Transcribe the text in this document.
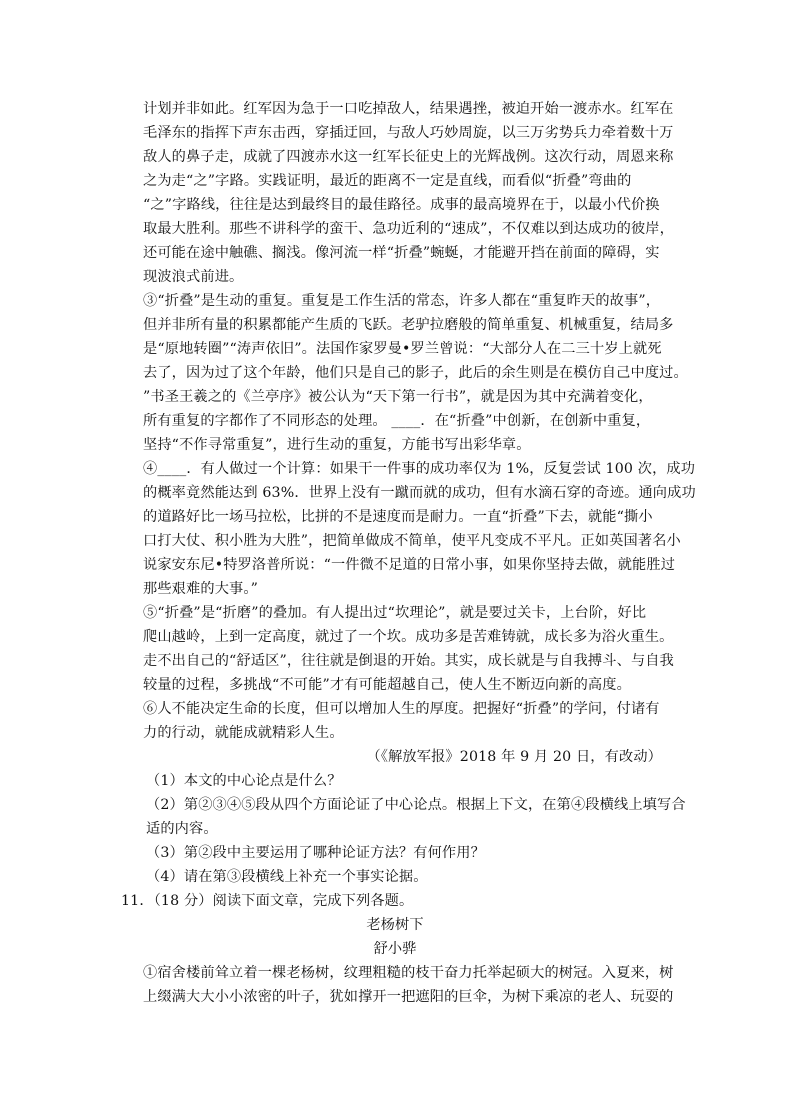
计划并非如此。红军因为急于一口吃掉敌人，结果遇挫，被迫开始一渡赤水。红军在
毛泽东的指挥下声东击西，穿插迂回，与敌人巧妙周旋，以三万劣势兵力牵着数十万
敌人的鼻子走，成就了四渡赤水这一红军长征史上的光辉战例。这次行动，周恩来称
之为走“之”字路。实践证明，最近的距离不一定是直线，而看似“折叠”弯曲的
“之”字路线，往往是达到最终目的最佳路径。成事的最高境界在于，以最小代价换
取最大胜利。那些不讲科学的蛮干、急功近利的“速成”，不仅难以到达成功的彼岸，
还可能在途中触礁、搁浅。像河流一样“折叠”蜿蜒，才能避开挡在前面的障碍，实
现波浪式前进。
③“折叠”是生动的重复。重复是工作生活的常态，许多人都在“重复昨天的故事”，
但并非所有量的积累都能产生质的飞跃。老驴拉磨般的简单重复、机械重复，结局多
是“原地转圈”“涛声依旧”。法国作家罗曼•罗兰曾说：“大部分人在二三十岁上就死
去了，因为过了这个年龄，他们只是自己的影子，此后的余生则是在模仿自己中度过。
”书圣王羲之的《兰亭序》被公认为“天下第一行书”，就是因为其中充满着变化，
所有重复的字都作了不同形态的处理。 ____．在“折叠”中创新，在创新中重复，
坚持“不作寻常重复”，进行生动的重复，方能书写出彩华章。
④____．有人做过一个计算：如果干一件事的成功率仅为 1%，反复尝试 100 次，成功
的概率竟然能达到 63%．世界上没有一蹴而就的成功，但有水滴石穿的奇迹。通向成功
的道路好比一场马拉松，比拼的不是速度而是耐力。一直“折叠”下去，就能“撕小
口打大仗、积小胜为大胜”，把简单做成不简单，使平凡变成不平凡。正如英国著名小
说家安东尼•特罗洛普所说：“一件微不足道的日常小事，如果你坚持去做，就能胜过
那些艰难的大事。”
⑤“折叠”是“折磨”的叠加。有人提出过“坎理论”，就是要过关卡，上台阶，好比
爬山越岭，上到一定高度，就过了一个坎。成功多是苦难铸就，成长多为浴火重生。
走不出自己的“舒适区”，往往就是倒退的开始。其实，成长就是与自我搏斗、与自我
较量的过程，多挑战“不可能”才有可能超越自己，使人生不断迈向新的高度。
⑥人不能决定生命的长度，但可以增加人生的厚度。把握好“折叠”的学问，付诸有
力的行动，就能成就精彩人生。
（《解放军报》2018 年 9 月 20 日，有改动）
（1）本文的中心论点是什么？
（2）第②③④⑤段从四个方面论证了中心论点。根据上下文，在第④段横线上填写合
适的内容。
（3）第②段中主要运用了哪种论证方法？有何作用？
（4）请在第③段横线上补充一个事实论据。
11．（18 分）阅读下面文章，完成下列各题。
老杨树下
舒小骅
①宿舍楼前耸立着一棵老杨树，纹理粗糙的枝干奋力托举起硕大的树冠。入夏来，树
上缀满大大小小浓密的叶子，犹如撑开一把遮阳的巨伞，为树下乘凉的老人、玩耍的
